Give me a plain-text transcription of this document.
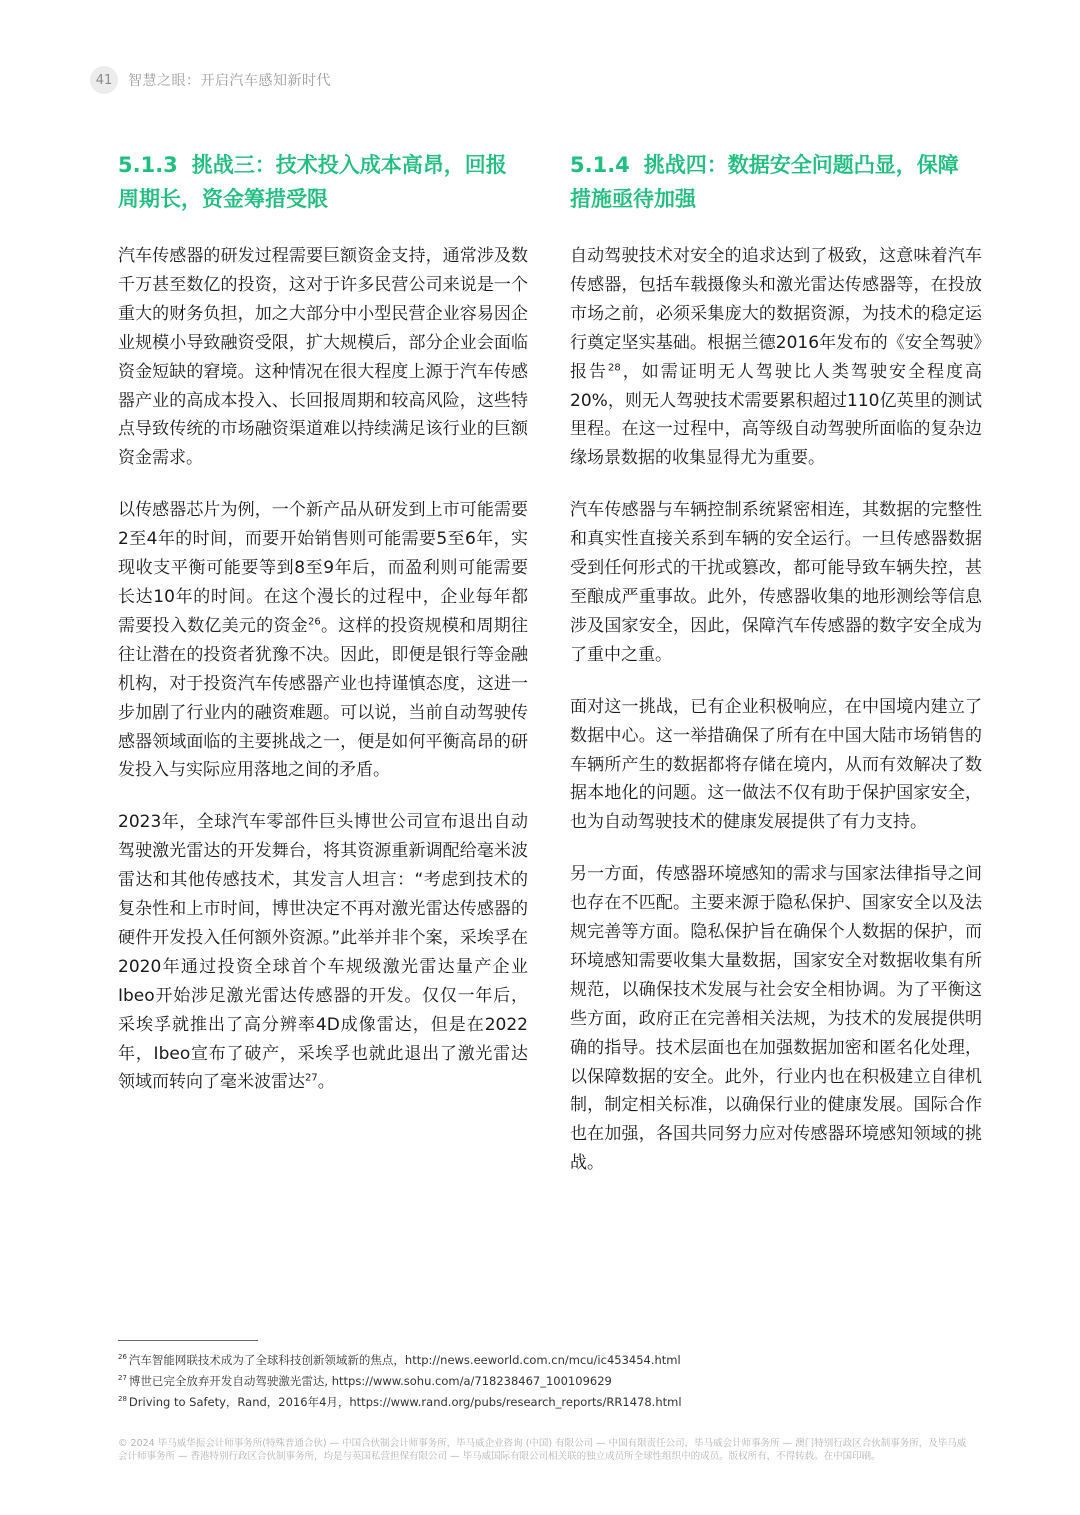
41	智慧之眼：开启汽车感知新时代
5.1.3 挑战三：技术投入成本高昂，回报
周期长，资金筹措受限

汽车传感器的研发过程需要巨额资金支持，通常涉及数千万甚至数亿的投资，这对于许多民营公司来说是一个重大的财务负担，加之大部分中小型民营企业容易因企业规模小导致融资受限，扩大规模后，部分企业会面临资金短缺的窘境。这种情况在很大程度上源于汽车传感器产业的高成本投入、长回报周期和较高风险，这些特点导致传统的市场融资渠道难以持续满足该行业的巨额资金需求。

以传感器芯片为例，一个新产品从研发到上市可能需要2至4年的时间，而要开始销售则可能需要5至6年，实现收支平衡可能要等到8至9年后，而盈利则可能需要长达10年的时间。在这个漫长的过程中，企业每年都需要投入数亿美元的资金$^{26}$。这样的投资规模和周期往往让潜在的投资者犹豫不决。因此，即便是银行等金融机构，对于投资汽车传感器产业也持谨慎态度，这进一步加剧了行业内的融资难题。可以说，当前自动驾驶传感器领域面临的主要挑战之一，便是如何平衡高昂的研发投入与实际应用落地之间的矛盾。

2023年，全球汽车零部件巨头博世公司宣布退出自动驾驶激光雷达的开发舞台，将其资源重新调配给毫米波雷达和其他传感技术，其发言人坦言：“考虑到技术的复杂性和上市时间，博世决定不再对激光雷达传感器的硬件开发投入任何额外资源。”此举并非个案，采埃孚在2020年通过投资全球首个车规级激光雷达量产企业Ibeo开始涉足激光雷达传感器的开发。仅仅一年后，采埃孚就推出了高分辨率4D成像雷达，但是在2022年，Ibeo宣布了破产，采埃孚也就此退出了激光雷达领域而转向了毫米波雷达$^{27}$。

5.1.4 挑战四：数据安全问题凸显，保障
措施亟待加强

自动驾驶技术对安全的追求达到了极致，这意味着汽车传感器，包括车载摄像头和激光雷达传感器等，在投放市场之前，必须采集庞大的数据资源，为技术的稳定运行奠定坚实基础。根据兰德2016年发布的《安全驾驶》报告$^{28}$，如需证明无人驾驶比人类驾驶安全程度高20%，则无人驾驶技术需要累积超过110亿英里的测试里程。在这一过程中，高等级自动驾驶所面临的复杂边缘场景数据的收集显得尤为重要。

汽车传感器与车辆控制系统紧密相连，其数据的完整性和真实性直接关系到车辆的安全运行。一旦传感器数据受到任何形式的干扰或篡改，都可能导致车辆失控，甚至酿成严重事故。此外，传感器收集的地形测绘等信息涉及国家安全，因此，保障汽车传感器的数字安全成为了重中之重。

面对这一挑战，已有企业积极响应，在中国境内建立了数据中心。这一举措确保了所有在中国大陆市场销售的车辆所产生的数据都将存储在境内，从而有效解决了数据本地化的问题。这一做法不仅有助于保护国家安全，也为自动驾驶技术的健康发展提供了有力支持。

另一方面，传感器环境感知的需求与国家法律指导之间也存在不匹配。主要来源于隐私保护、国家安全以及法规完善等方面。隐私保护旨在确保个人数据的保护，而环境感知需要收集大量数据，国家安全对数据收集有所规范，以确保技术发展与社会安全相协调。为了平衡这些方面，政府正在完善相关法规，为技术的发展提供明确的指导。技术层面也在加强数据加密和匿名化处理，以保障数据的安全。此外，行业内也在积极建立自律机制，制定相关标准，以确保行业的健康发展。国际合作也在加强，各国共同努力应对传感器环境感知领域的挑战。

$^{26}$ 汽车智能网联技术成为了全球科技创新领域新的焦点，http://news.eeworld.com.cn/mcu/ic453454.html
$^{27}$ 博世已完全放弃开发自动驾驶激光雷达, https://www.sohu.com/a/718238467_100109629
$^{28}$ Driving to Safety，Rand，2016年4月，https://www.rand.org/pubs/research_reports/RR1478.html
© 2024 毕马威华振会计师事务所(特殊普通合伙) — 中国合伙制会计师事务所，毕马威企业咨询 (中国) 有限公司 — 中国有限责任公司，毕马威会计师事务所 — 澳门特别行政区合伙制事务所，及毕马威会计师事务所 — 香港特别行政区合伙制事务所，均是与英国私营担保有限公司 — 毕马威国际有限公司相关联的独立成员所全球性组织中的成员。版权所有，不得转载。在中国印刷。
